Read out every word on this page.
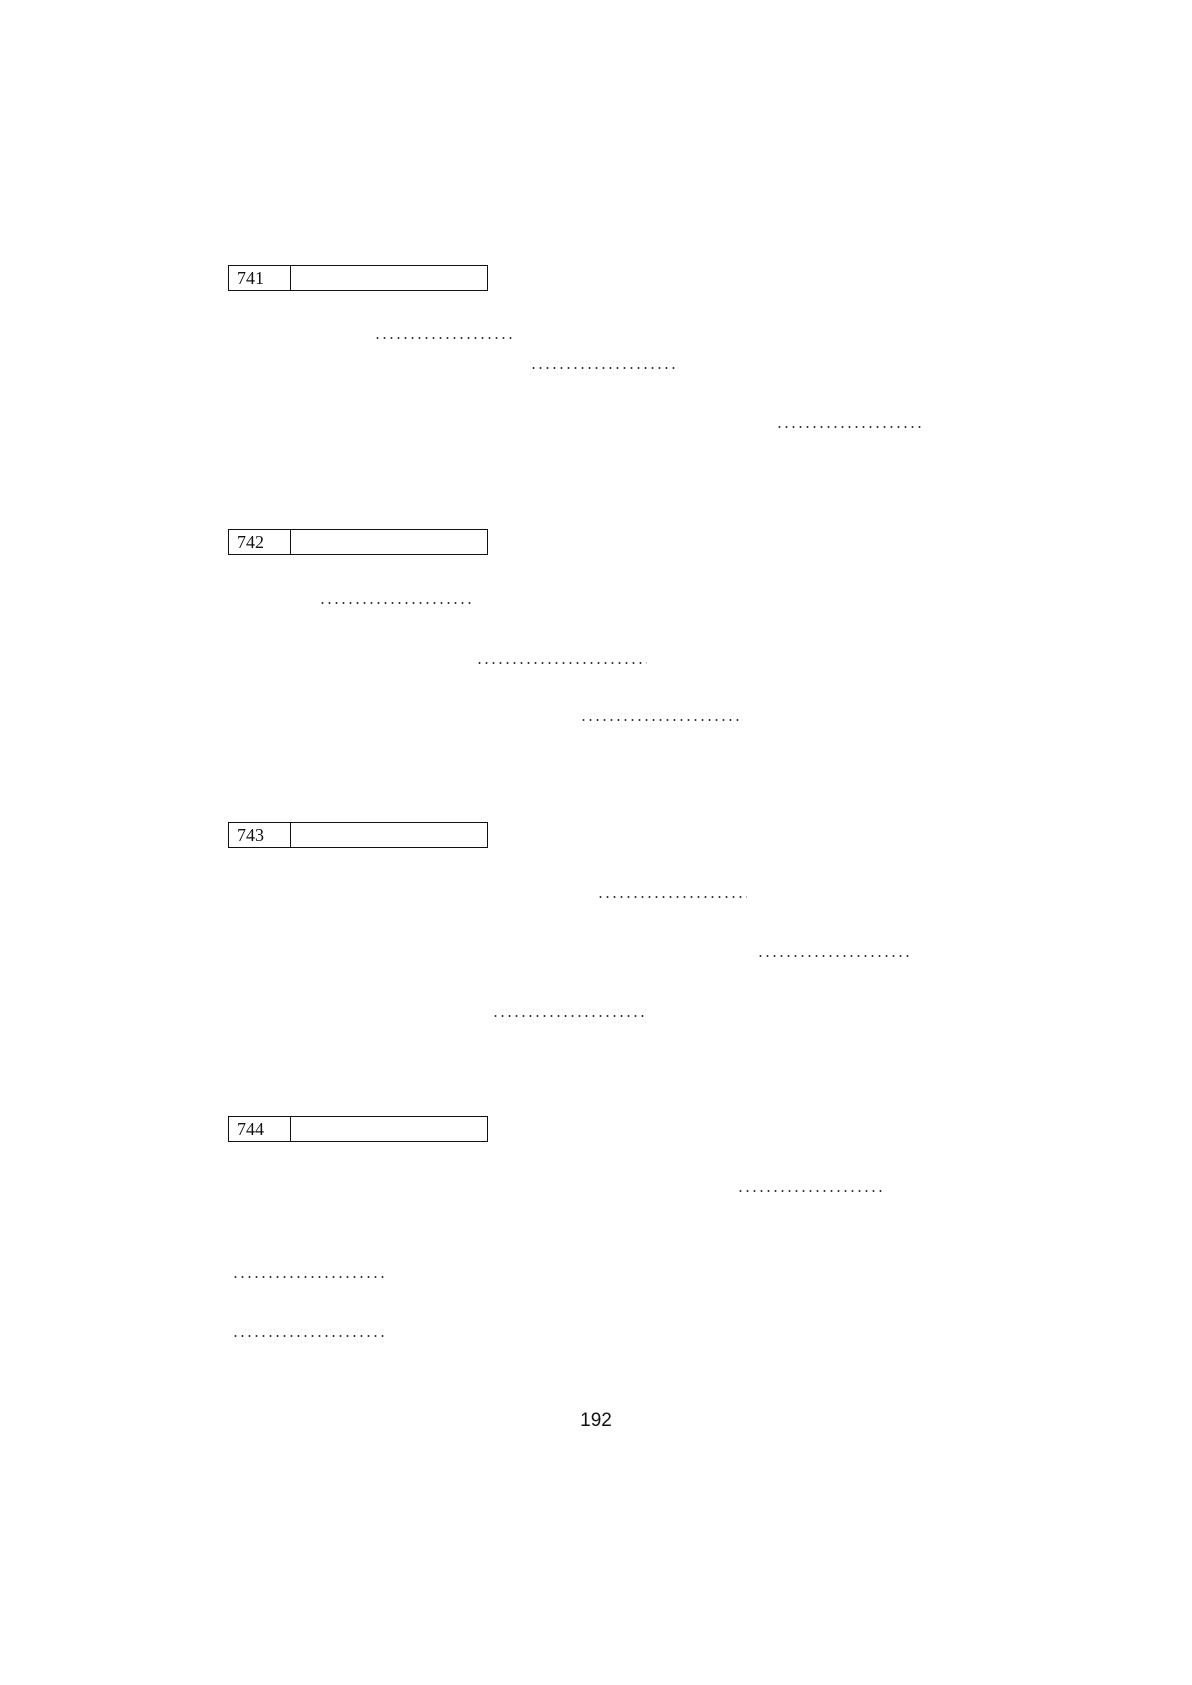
741
742
743
744
192
